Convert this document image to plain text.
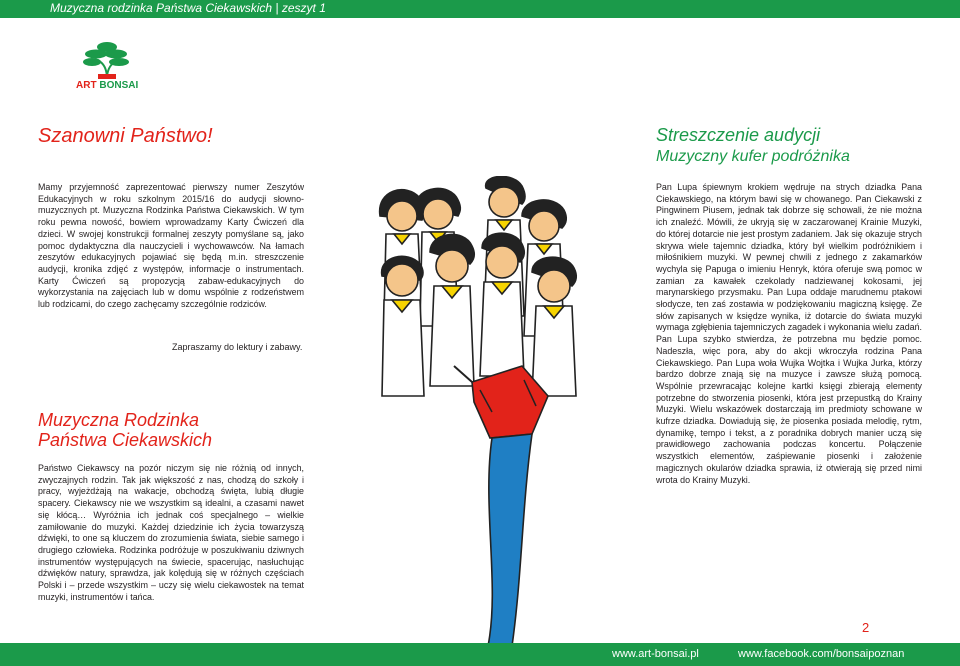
Muzyczna rodzinka Państwa Ciekawskich | zeszyt 1
ART BONSAI
Szanowni Państwo!

Mamy przyjemność zaprezentować pierwszy numer Zeszytów Edukacyjnych w roku szkolnym 2015/16 do audycji słowno-muzycznych pt. Muzyczna Rodzinka Państwa Ciekawskich. W tym roku pewna nowość, bowiem wprowadzamy Karty Ćwiczeń dla dzieci. W swojej konstrukcji formalnej zeszyty pomyślane są, jako pomoc dydaktyczna dla nauczycieli i wychowawców. Na łamach zeszytów edukacyjnych pojawiać się będą m.in. streszczenie audycji, kronika zdjęć z występów, informacje o instrumentach. Karty Ćwiczeń są propozycją zabaw-edukacyjnych do wykorzystania na zajęciach lub w domu wspólnie z rodzeństwem lub rodzicami, do czego zachęcamy szczególnie rodziców.

Zapraszamy do lektury i zabawy.
Muzyczna Rodzinka
Państwa Ciekawskich

Państwo Ciekawscy na pozór niczym się nie różnią od innych, zwyczajnych rodzin. Tak jak większość z nas, chodzą do szkoły i pracy, wyjeżdżają na wakacje, obchodzą święta, lubią długie spacery. Ciekawscy nie we wszystkim są idealni, a czasami nawet się kłócą… Wyróżnia ich jednak coś specjalnego – wielkie zamiłowanie do muzyki. Każdej dziedzinie ich życia towarzyszą dźwięki, to one są kluczem do zrozumienia świata, siebie samego i drugiego człowieka. Rodzinka podróżuje w poszukiwaniu dziwnych instrumentów występujących na świecie, spacerując, nasłuchując dźwięków natury, sprawdza, jak kolędują się w różnych częściach Polski i – przede wszystkim – uczy się wielu ciekawostek na temat muzyki, instrumentów i tańca.

Streszczenie audycji
Muzyczny kufer podróżnika

Pan Lupa śpiewnym krokiem wędruje na strych dziadka Pana Ciekawskiego, na którym bawi się w chowanego. Pan Ciekawski z Pingwinem Piusem, jednak tak dobrze się schowali, że nie można ich znaleźć. Mówili, że ukryją się w zaczarowanej Krainie Muzyki, do której dotarcie nie jest prostym zadaniem. Jak się okazuje strych skrywa wiele tajemnic dziadka, który był wielkim podróżnikiem i miłośnikiem muzyki. W pewnej chwili z jednego z zakamarków wychyla się Papuga o imieniu Henryk, która oferuje swą pomoc w zamian za kawałek czekolady nadziewanej kokosami, jej marynarskiego przysmaku. Pan Lupa oddaje marudnemu ptakowi słodycze, ten zaś zostawia w podziękowaniu magiczną księgę. Ze słów zapisanych w księdze wynika, iż dotarcie do świata muzyki wymaga zgłębienia tajemniczych zagadek i wykonania wielu zadań. Pan Lupa szybko stwierdza, że potrzebna mu będzie pomoc. Nadeszła, więc pora, aby do akcji wkroczyła rodzina Pana Ciekawskiego. Pan Lupa woła Wujka Wojtka i Wujka Jurka, którzy bardzo dobrze znają się na muzyce i zawsze służą pomocą. Wspólnie przewracając kolejne kartki księgi zbierają elementy potrzebne do stworzenia piosenki, która jest przepustką do Krainy Muzyki. Wielu wskazówek dostarczają im predmioty schowane w kufrze dziadka. Dowiadują się, że piosenka posiada melodię, rytm, dynamikę, tempo i tekst, a z poradnika dobrych manier uczą się prawidłowego zachowania podczas koncertu. Połączenie wszystkich elementów, zaśpiewanie piosenki i założenie magicznych okularów dziadka sprawia, iż otwierają się przed nimi wrota do Krainy Muzyki.

2
www.art-bonsai.pl	www.facebook.com/bonsaipoznan
